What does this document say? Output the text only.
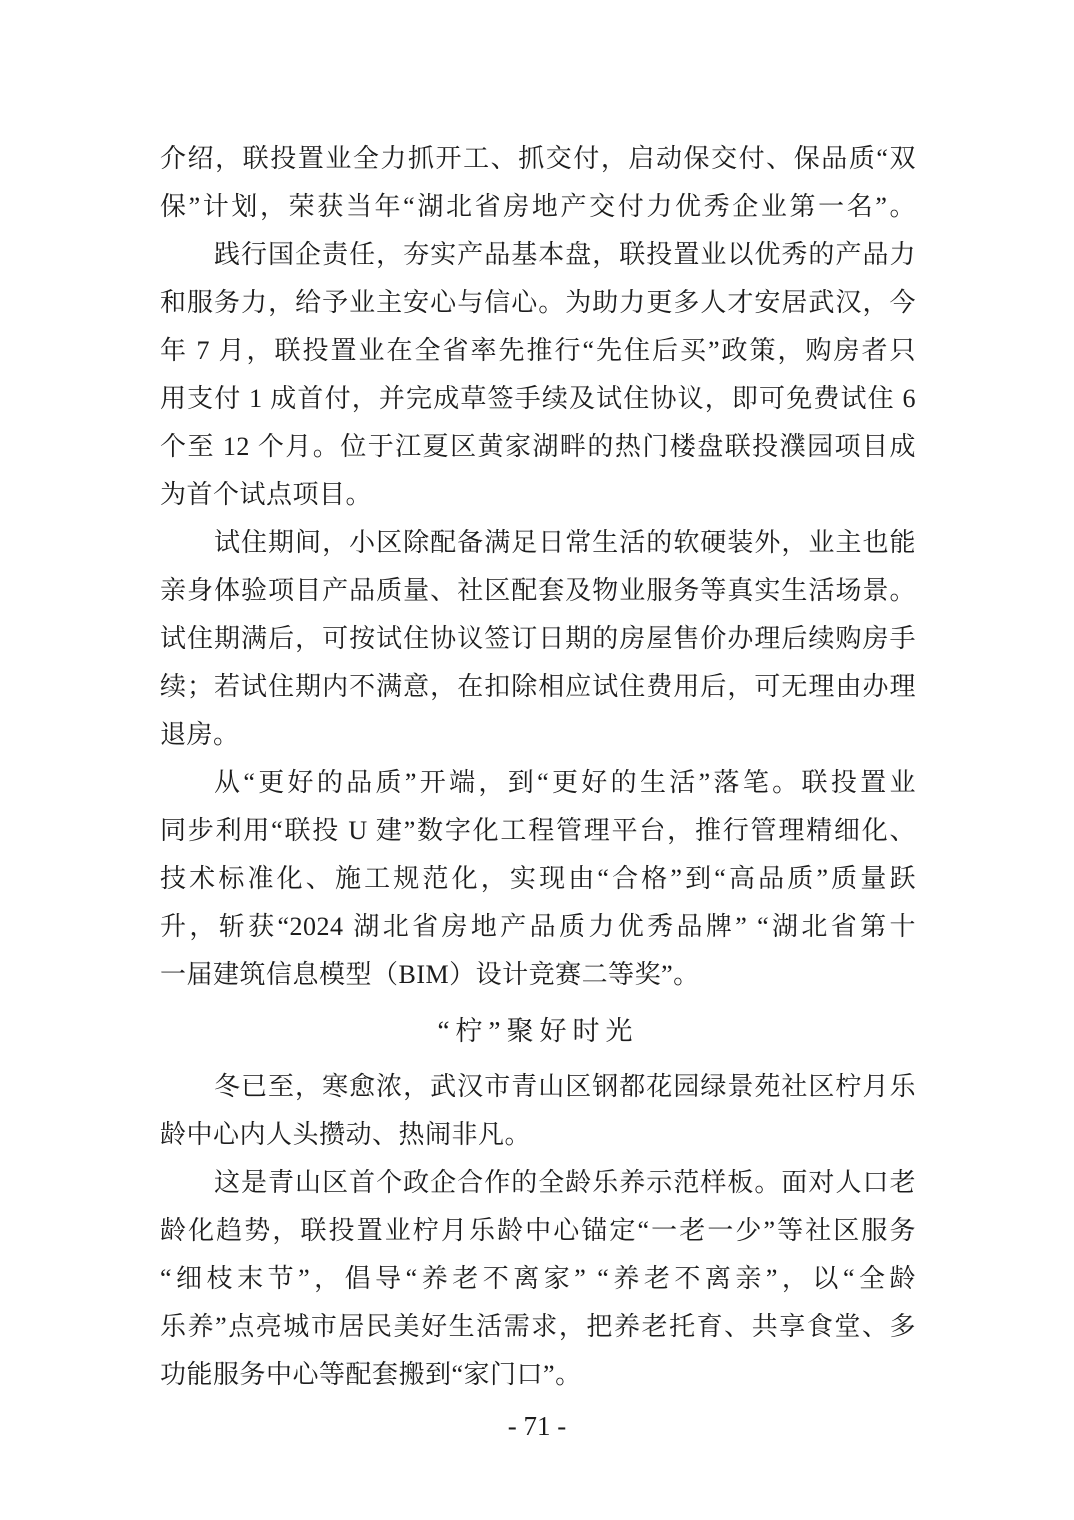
介绍，联投置业全力抓开工、抓交付，启动保交付、保品质“双
保”计划，荣获当年“湖北省房地产交付力优秀企业第一名”。
践行国企责任，夯实产品基本盘，联投置业以优秀的产品力
和服务力，给予业主安心与信心。为助力更多人才安居武汉，今
年 7 月，联投置业在全省率先推行“先住后买”政策，购房者只
用支付 1 成首付，并完成草签手续及试住协议，即可免费试住 6
个至 12 个月。位于江夏区黄家湖畔的热门楼盘联投濮园项目成
为首个试点项目。
试住期间，小区除配备满足日常生活的软硬装外，业主也能
亲身体验项目产品质量、社区配套及物业服务等真实生活场景。
试住期满后，可按试住协议签订日期的房屋售价办理后续购房手
续；若试住期内不满意，在扣除相应试住费用后，可无理由办理
退房。
从“更好的品质”开端，到“更好的生活”落笔。联投置业
同步利用“联投 U 建”数字化工程管理平台，推行管理精细化、
技术标准化、施工规范化，实现由“合格”到“高品质”质量跃
升，斩获“2024 湖北省房地产品质力优秀品牌” “湖北省第十
一届建筑信息模型（BIM）设计竞赛二等奖”。
“柠”聚好时光
冬已至，寒愈浓，武汉市青山区钢都花园绿景苑社区柠月乐
龄中心内人头攒动、热闹非凡。
这是青山区首个政企合作的全龄乐养示范样板。面对人口老
龄化趋势，联投置业柠月乐龄中心锚定“一老一少”等社区服务
“细枝末节”，倡导“养老不离家” “养老不离亲”，以“全龄
乐养”点亮城市居民美好生活需求，把养老托育、共享食堂、多
功能服务中心等配套搬到“家门口”。
- 71 -
